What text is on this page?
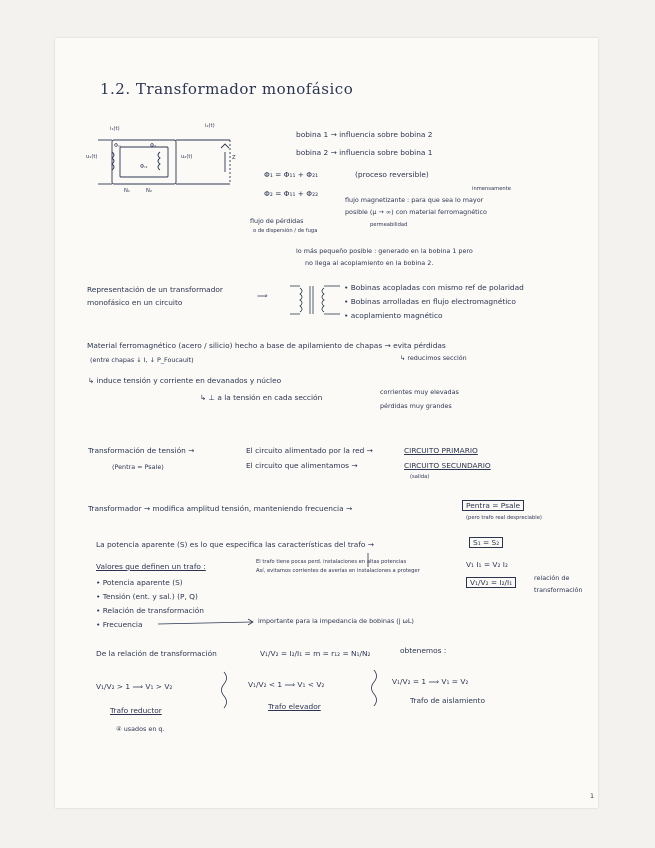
1.2. Transformador monofásico
i₁(t)	i₂(t)
Φₘ	Φ₂
Φᵣ₁
u₁(t)	u₂(t)
N₁	N₂
Z
bobina 1 → influencia sobre bobina 2
bobina 2 → influencia sobre bobina 1
Φ₁ = Φ₁₁ + Φ₂₁	(proceso reversible)
Φ₂ = Φ₁₁ + Φ₂₂	inmensamente
flujo magnetizante : para que sea lo mayor
posible (μ → ∞) con material ferromagnético
permeabilidad
flujo de pérdidas
o de dispersión / de fuga
lo más pequeño posible : generado en la bobina 1 pero
no llega al acoplamiento en la bobina 2.
Representación de un transformador
monofásico en un circuito
⟹
• Bobinas acopladas con mismo ref de polaridad
• Bobinas arrolladas en flujo electromagnético
• acoplamiento magnético
Material ferromagnético (acero / silicio) hecho a base de apilamiento de chapas → evita pérdidas
(entre chapas ↓ I, ↓ P_Foucault)	↳ reducimos sección
↳ induce tensión y corriente en devanados y núcleo
↳ ⊥ a la tensión en cada sección
corrientes muy elevadas
pérdidas muy grandes
Transformación de tensión →
(Pentra = Psale)
El circuito alimentado por la red →	CIRCUITO PRIMARIO
El circuito que alimentamos →	CIRCUITO SECUNDARIO
(salida)
Transformador → modifica amplitud tensión, manteniendo frecuencia →	Pentra = Psale
(pero trafo real despreciable)
La potencia aparente (S) es lo que especifica las características del trafo →	S₁ = S₂
Valores que definen un trafo :
• Potencia aparente (S)
• Tensión (ent. y sal.) (P, Q)
• Relación de transformación
• Frecuencia
El trafo tiene pocas perd. instalaciones en altas potencias
Así, evitamos corrientes de averías en instalaciones a proteger
V₁ I₁ = V₂ I₂
V₁/V₂ = I₂/I₁	relación de
transformación
importante para la impedancia de bobinas (j ωL)
De la relación de transformación	V₁/V₂ = I₂/I₁ = m = r₁₂ = N₁/N₂	obtenemos :
V₁/V₂ > 1 ⟹ V₁ > V₂
Trafo reductor
④ usados en q.
V₁/V₂ < 1 ⟹ V₁ < V₂
Trafo elevador
V₁/V₂ = 1 ⟹ V₁ = V₂
Trafo de aislamiento
1
